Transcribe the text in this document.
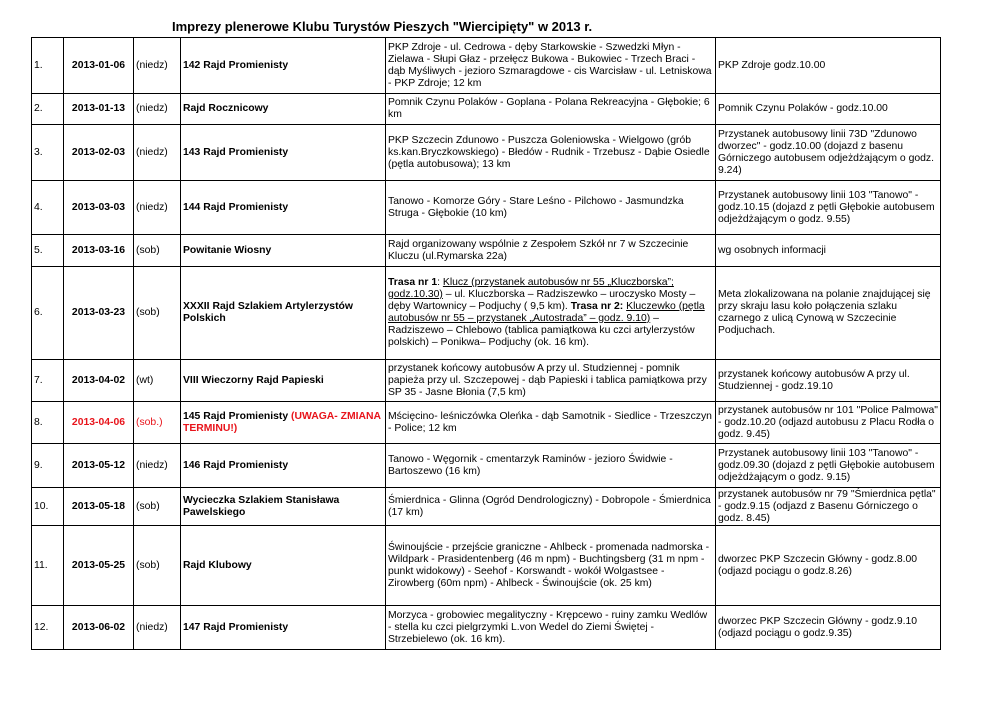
Imprezy plenerowe Klubu Turystów Pieszych "Wiercipięty" w 2013 r.
1.	2013-01-06	(niedz)	142 Rajd Promienisty	PKP Zdroje - ul. Cedrowa - dęby Starkowskie - Szwedzki Młyn - Zielawa - Słupi Głaz - przełęcz Bukowa - Bukowiec - Trzech Braci - dąb Myśliwych - jezioro Szmaragdowe - cis Warcisław - ul. Letniskowa - PKP Zdroje; 12 km	PKP Zdroje godz.10.00
2.	2013-01-13	(niedz)	Rajd Rocznicowy	Pomnik Czynu Polaków - Goplana - Polana Rekreacyjna - Głębokie; 6 km	Pomnik Czynu Polaków - godz.10.00
3.	2013-02-03	(niedz)	143 Rajd Promienisty	PKP Szczecin Zdunowo - Puszcza Goleniowska - Wielgowo (grób ks.kan.Bryczkowskiego) - Błedów - Rudnik - Trzebusz - Dąbie Osiedle (pętla autobusowa); 13 km	Przystanek autobusowy linii 73D "Zdunowo dworzec" - godz.10.00 (dojazd z basenu Górniczego autobusem odjeżdżającym o godz. 9.24)
4.	2013-03-03	(niedz)	144 Rajd Promienisty	Tanowo - Komorze Góry - Stare Leśno - Pilchowo - Jasmundzka Struga - Głębokie (10 km)	Przystanek autobusowy linii 103 "Tanowo" - godz.10.15 (dojazd z pętli Głębokie autobusem odjeżdżającym o godz. 9.55)
5.	2013-03-16	(sob)	Powitanie Wiosny	Rajd organizowany wspólnie z Zespołem Szkół nr 7 w Szczecinie Kluczu (ul.Rymarska 22a)	wg osobnych informacji
6.	2013-03-23	(sob)	XXXII Rajd Szlakiem Artylerzystów Polskich	Trasa nr 1: Klucz (przystanek autobusów nr 55 „Kluczborska”; godz.10.30) – ul. Kluczborska – Radziszewko – uroczysko Mosty – dęby Wartownicy – Podjuchy ( 9,5 km). Trasa nr 2: Kluczewko (pętla autobusów nr 55 – przystanek „Autostrada” – godz. 9.10) – Radziszewo – Chlebowo (tablica pamiątkowa ku czci artylerzystów polskich) – Ponikwa– Podjuchy (ok. 16 km).	Meta zlokalizowana na polanie znajdującej się przy skraju lasu koło połączenia szlaku czarnego z ulicą Cynową w Szczecinie Podjuchach.
7.	2013-04-02	(wt)	VIII Wieczorny Rajd Papieski	przystanek końcowy autobusów A przy ul. Studziennej - pomnik papieża przy ul. Szczepowej - dąb Papieski i tablica pamiątkowa przy SP 35 - Jasne Błonia (7,5 km)	przystanek końcowy autobusów A przy ul. Studziennej - godz.19.10
8.	2013-04-06	(sob.)	145 Rajd Promienisty (UWAGA- ZMIANA TERMINU!)	Mścięcino- leśniczówka Oleńka - dąb Samotnik - Siedlice - Trzeszczyn - Police; 12 km	przystanek autobusów nr 101 "Police Palmowa" - godz.10.20 (odjazd autobusu z Placu Rodła o godz. 9.45)
9.	2013-05-12	(niedz)	146 Rajd Promienisty	Tanowo - Węgornik - cmentarzyk Raminów - jezioro Świdwie - Bartoszewo (16 km)	Przystanek autobusowy linii 103 "Tanowo" - godz.09.30 (dojazd z pętli Głębokie autobusem odjeżdżającym o godz. 9.15)
10.	2013-05-18	(sob)	Wycieczka Szlakiem Stanisława Pawelskiego	Śmierdnica - Glinna (Ogród Dendrologiczny) - Dobropole - Śmierdnica (17 km)	przystanek autobusów nr 79 "Śmierdnica pętla" - godz.9.15 (odjazd z Basenu Górniczego o godz. 8.45)
11.	2013-05-25	(sob)	Rajd Klubowy	Świnoujście - przejście graniczne - Ahlbeck - promenada nadmorska - Wildpark - Prasidentenberg (46 m npm) - Buchtingsberg (31 m npm - punkt widokowy) - Seehof - Korswandt - wokół Wolgastsee - Zirowberg (60m npm) - Ahlbeck - Świnoujście (ok. 25 km)	dworzec PKP Szczecin Główny - godz.8.00 (odjazd pociągu o godz.8.26)
12.	2013-06-02	(niedz)	147 Rajd Promienisty	Morzyca - grobowiec megalityczny - Krępcewo - ruiny zamku Wedlów - stella ku czci pielgrzymki L.von Wedel do Ziemi Świętej - Strzebielewo (ok. 16 km).	dworzec PKP Szczecin Główny - godz.9.10 (odjazd pociągu o godz.9.35)
